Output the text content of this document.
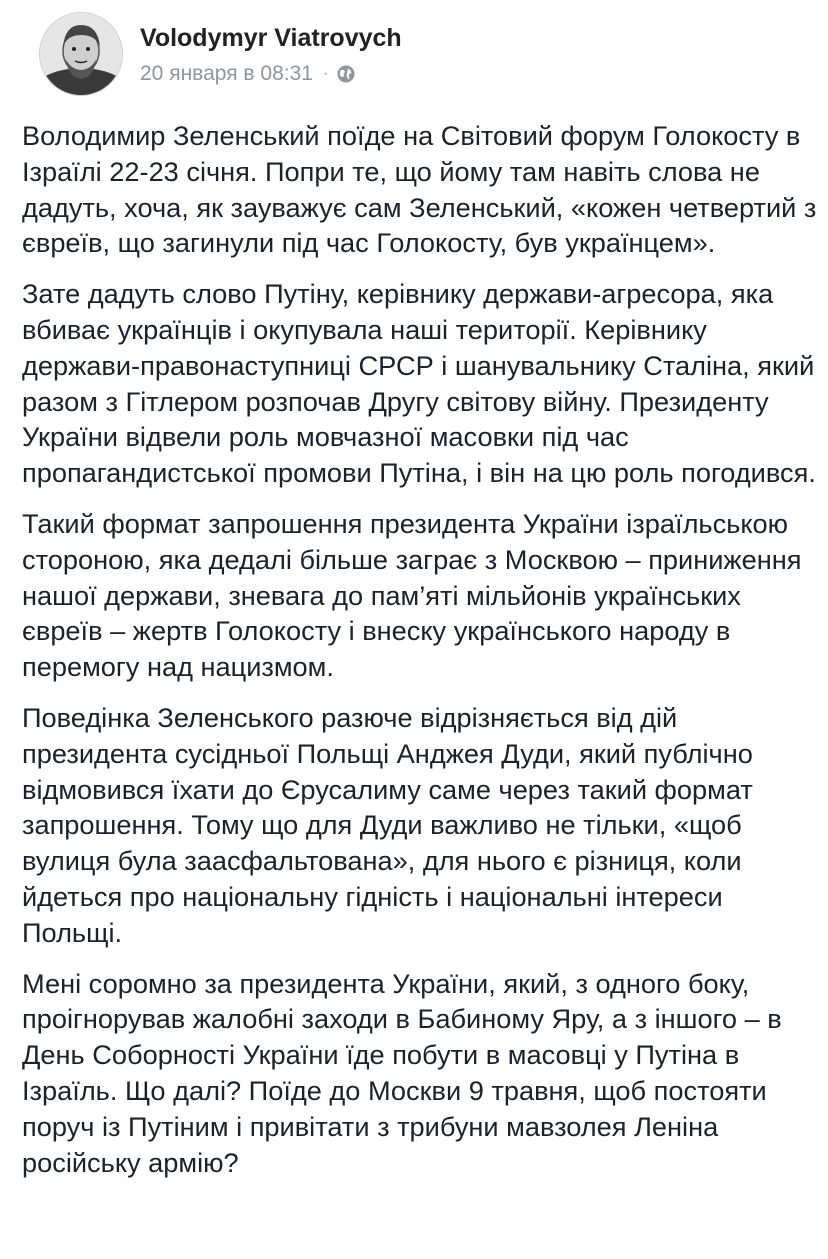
Volodymyr Viatrovych
20 января в 08:31 ·

Володимир Зеленський поїде на Світовий форум Голокосту в Ізраїлі 22-23 січня. Попри те, що йому там навіть слова не дадуть, хоча, як зауважує сам Зеленський, «кожен четвертий з євреїв, що загинули під час Голокосту, був українцем».

Зате дадуть слово Путіну, керівнику держави-агресора, яка вбиває українців і окупувала наші території. Керівнику держави-правонаступниці СРСР і шанувальнику Сталіна, який разом з Гітлером розпочав Другу світову війну. Президенту України відвели роль мовчазної масовки під час пропагандистської промови Путіна, і він на цю роль погодився.

Такий формат запрошення президента України ізраїльською стороною, яка дедалі більше заграє з Москвою – приниження нашої держави, зневага до пам’яті мільйонів українських євреїв – жертв Голокосту і внеску українського народу в перемогу над нацизмом.

Поведінка Зеленського разюче відрізняється від дій президента сусідньої Польщі Анджея Дуди, який публічно відмовився їхати до Єрусалиму саме через такий формат запрошення. Тому що для Дуди важливо не тільки, «щоб вулиця була заасфальтована», для нього є різниця, коли йдеться про національну гідність і національні інтереси Польщі.

Мені соромно за президента України, який, з одного боку, проігнорував жалобні заходи в Бабиному Яру, а з іншого – в День Соборності України їде побути в масовці у Путіна в Ізраїль. Що далі? Поїде до Москви 9 травня, щоб постояти поруч із Путіним і привітати з трибуни мавзолея Леніна російську армію?
